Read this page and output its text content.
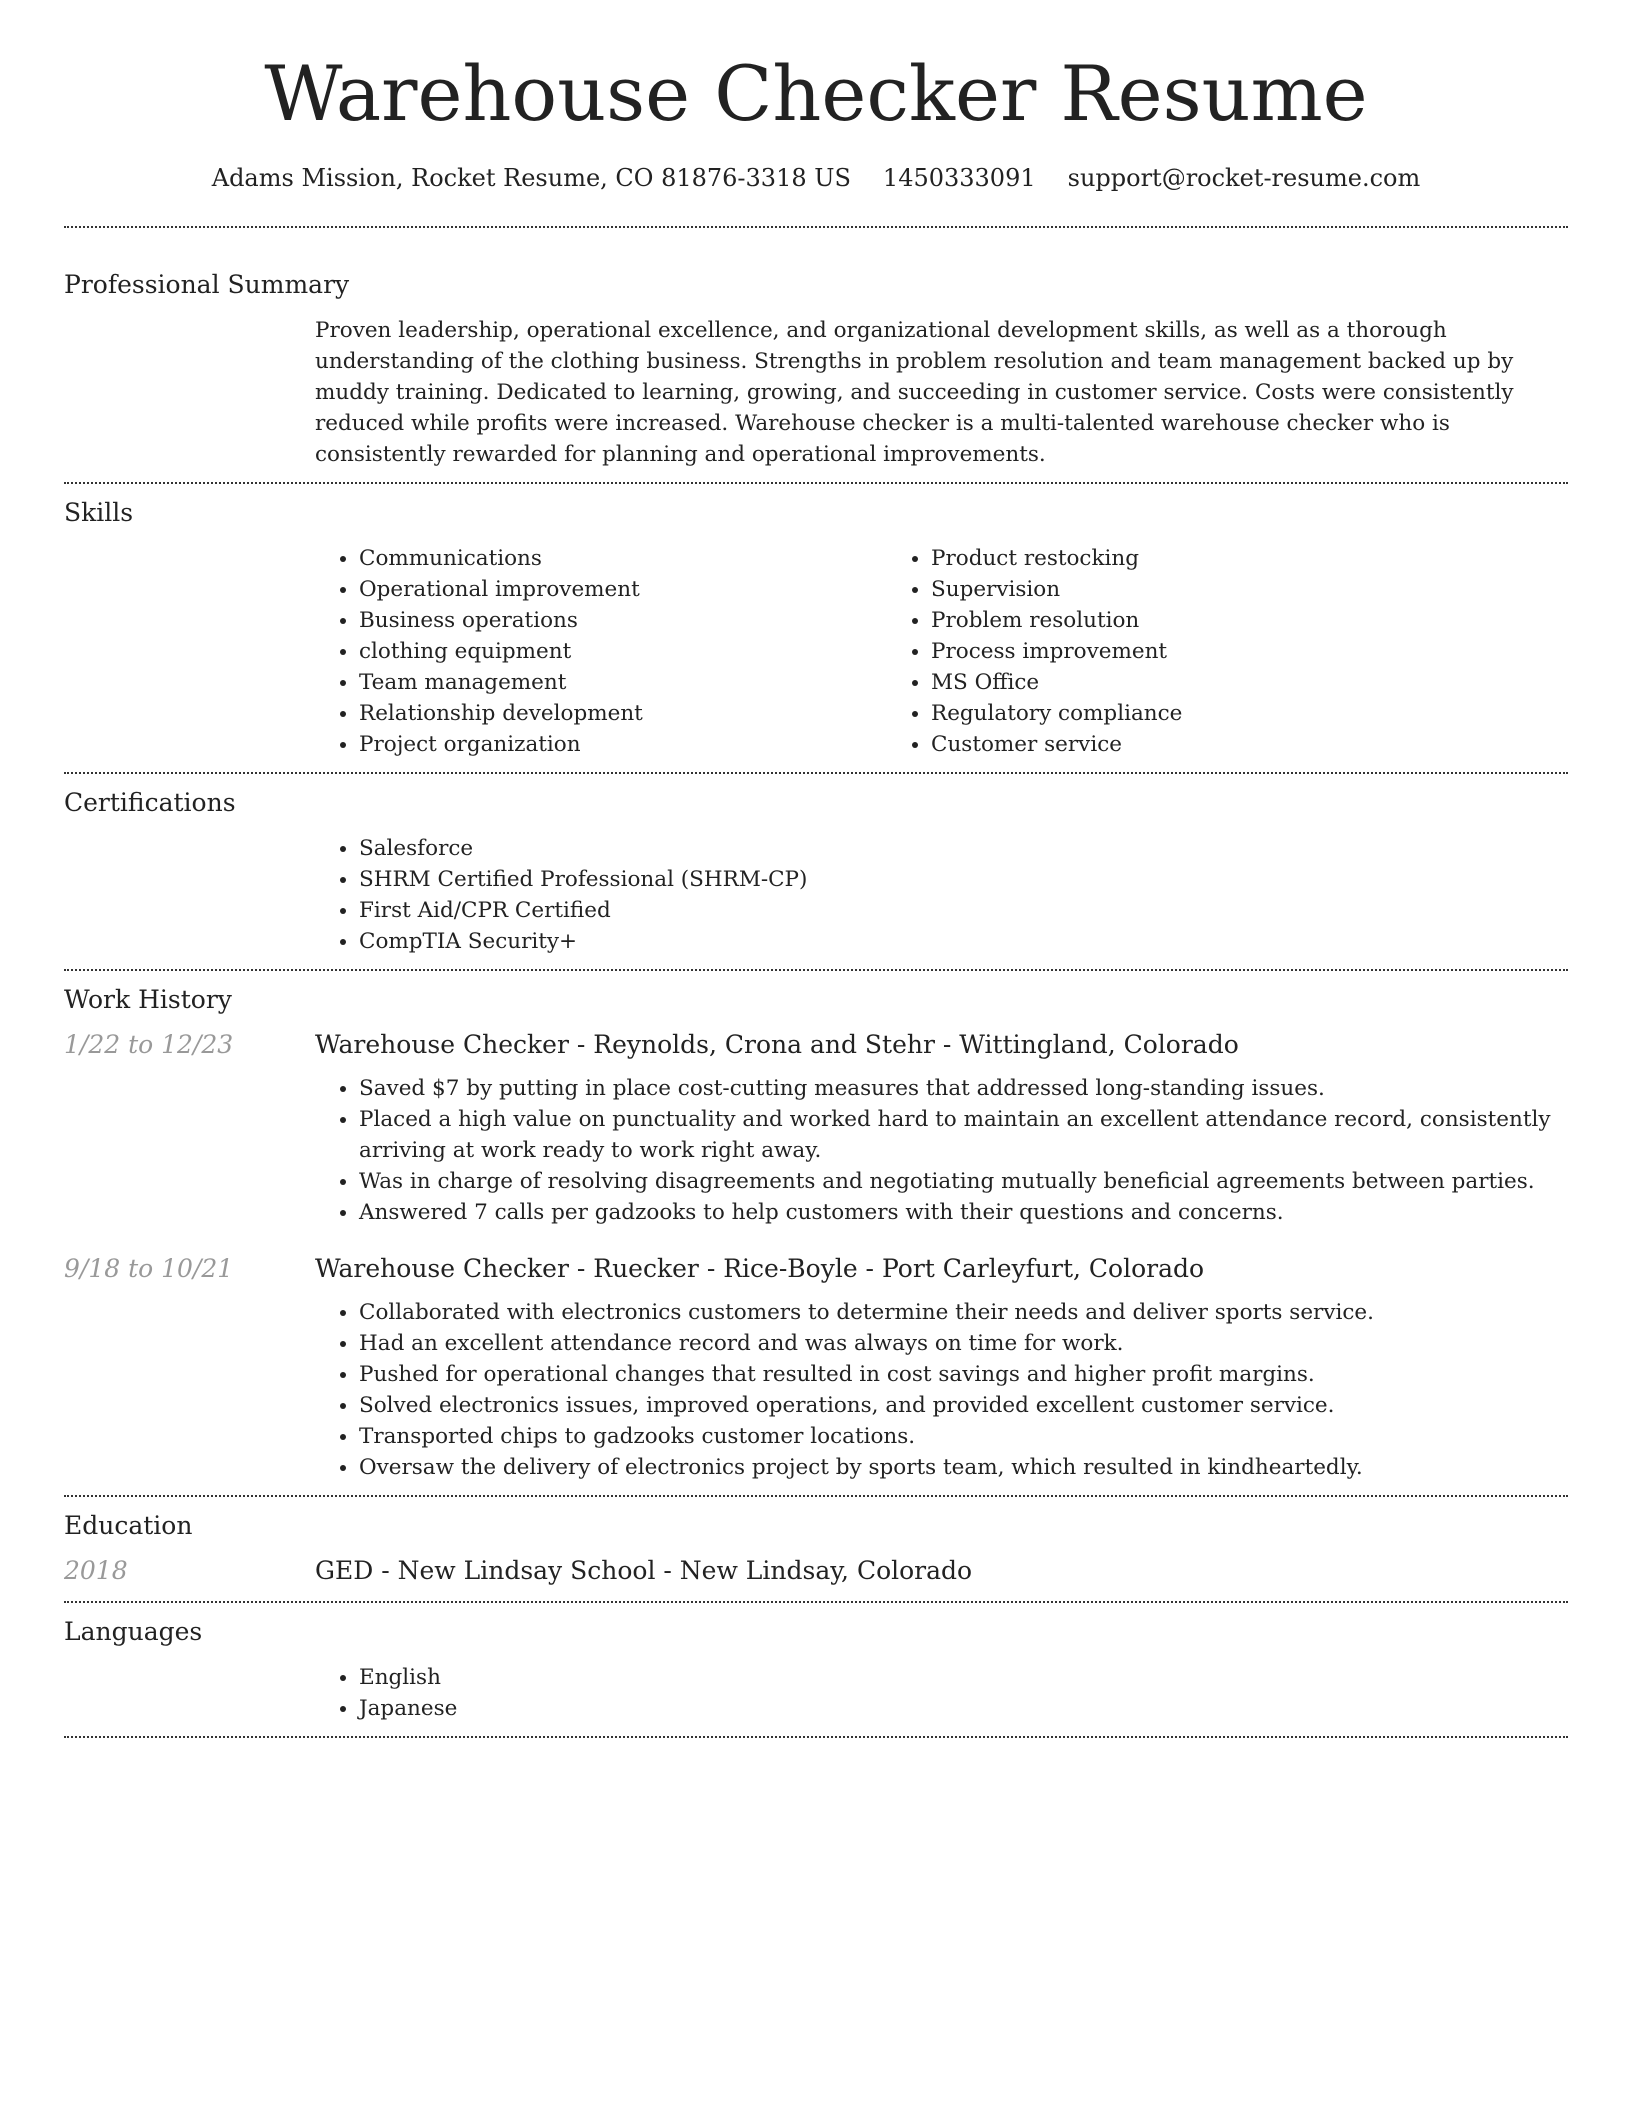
Warehouse Checker Resume
Adams Mission, Rocket Resume, CO 81876-3318 US 1450333091 support@rocket-resume.com
Professional Summary

Proven leadership, operational excellence, and organizational development skills, as well as a thorough understanding of the clothing business. Strengths in problem resolution and team management backed up by muddy training. Dedicated to learning, growing, and succeeding in customer service. Costs were consistently reduced while profits were increased. Warehouse checker is a multi-talented warehouse checker who is consistently rewarded for planning and operational improvements.

Skills
• Communications
• Operational improvement
• Business operations
• clothing equipment
• Team management
• Relationship development
• Project organization
• Product restocking
• Supervision
• Problem resolution
• Process improvement
• MS Office
• Regulatory compliance
• Customer service
Certifications
• Salesforce
• SHRM Certified Professional (SHRM-CP)
• First Aid/CPR Certified
• CompTIA Security+
Work History
1/22 to 12/23	Warehouse Checker - Reynolds, Crona and Stehr - Wittingland, Colorado
• Saved $7 by putting in place cost-cutting measures that addressed long-standing issues.
• Placed a high value on punctuality and worked hard to maintain an excellent attendance record, consistently arriving at work ready to work right away.
• Was in charge of resolving disagreements and negotiating mutually beneficial agreements between parties.
• Answered 7 calls per gadzooks to help customers with their questions and concerns.
9/18 to 10/21	Warehouse Checker - Ruecker - Rice-Boyle - Port Carleyfurt, Colorado
• Collaborated with electronics customers to determine their needs and deliver sports service.
• Had an excellent attendance record and was always on time for work.
• Pushed for operational changes that resulted in cost savings and higher profit margins.
• Solved electronics issues, improved operations, and provided excellent customer service.
• Transported chips to gadzooks customer locations.
• Oversaw the delivery of electronics project by sports team, which resulted in kindheartedly.
Education
2018	GED - New Lindsay School - New Lindsay, Colorado
Languages
• English
• Japanese
